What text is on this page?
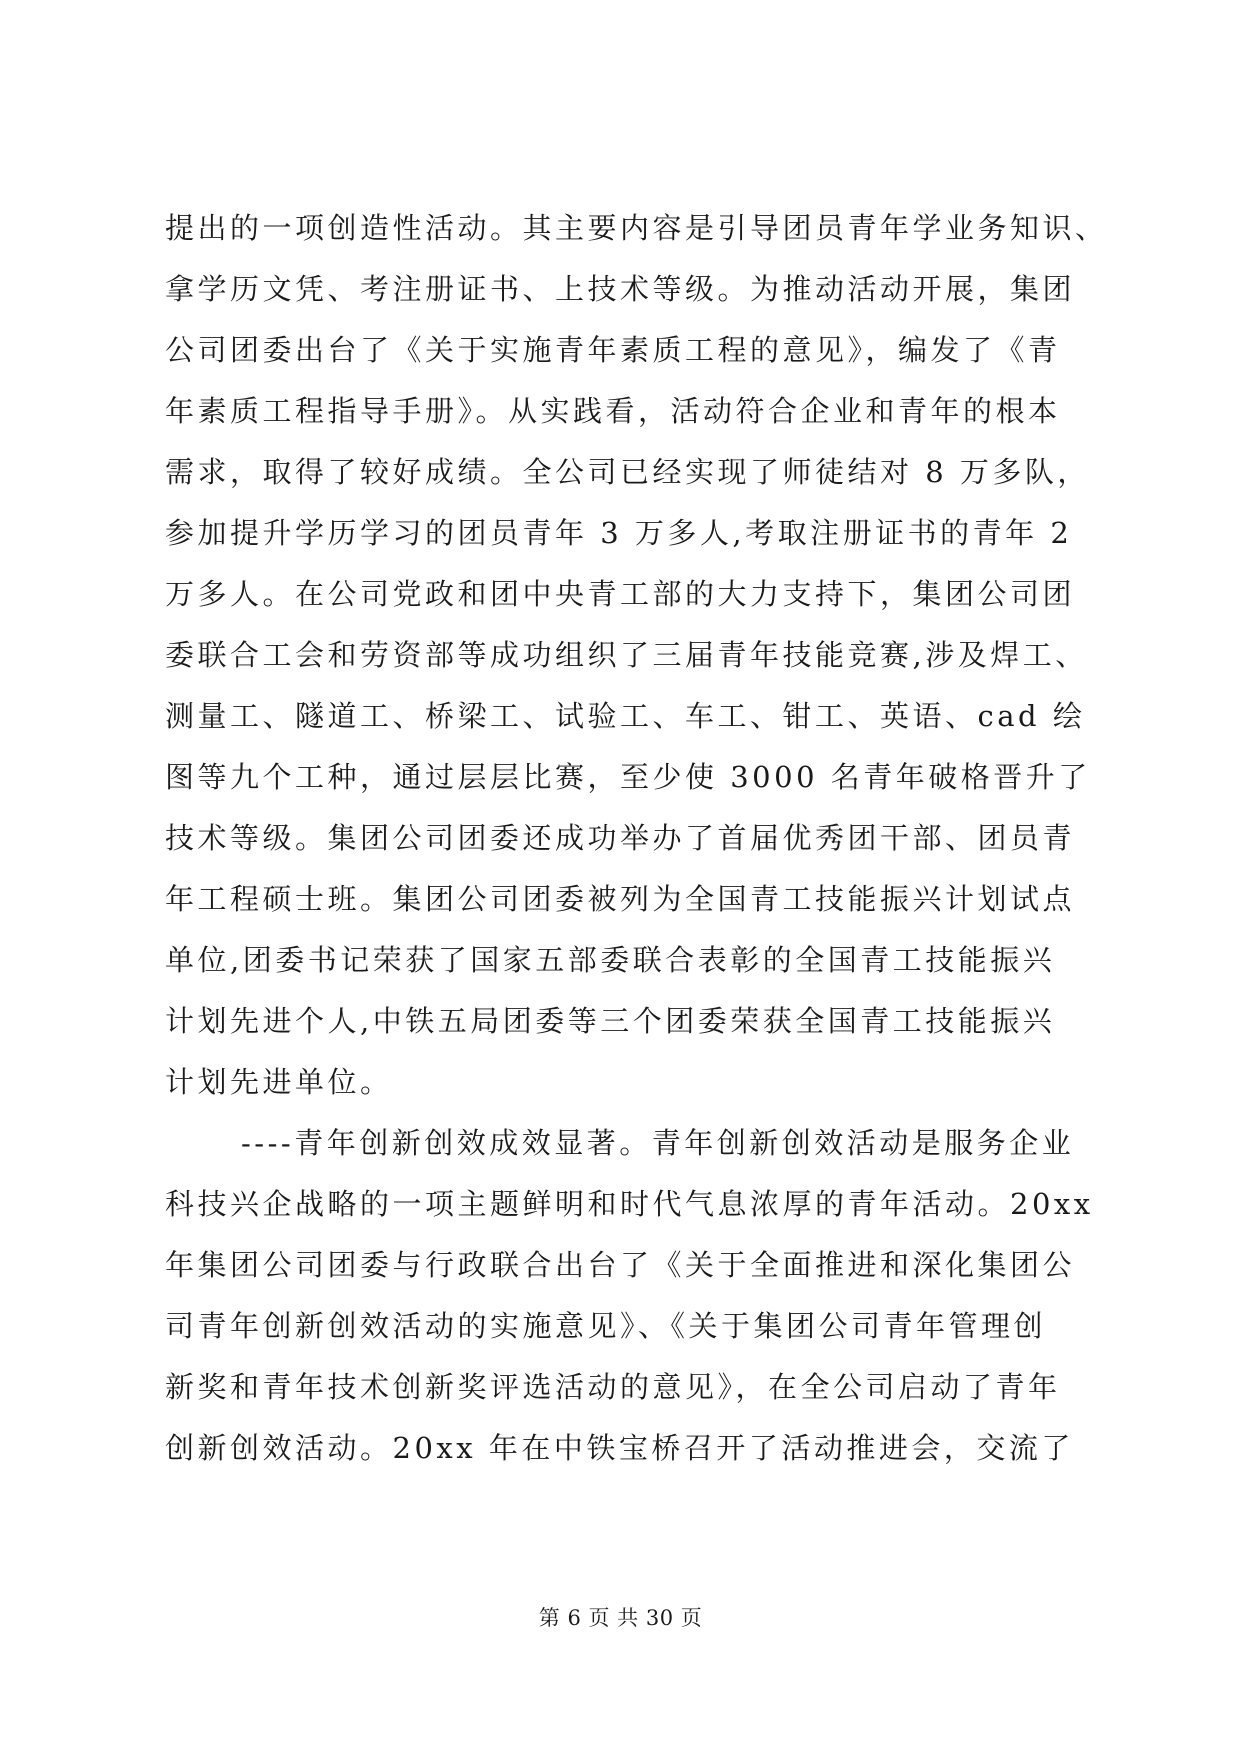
提出的一项创造性活动。其主要内容是引导团员青年学业务知识、
拿学历文凭、考注册证书、上技术等级。为推动活动开展，集团
公司团委出台了《关于实施青年素质工程的意见》，编发了《青
年素质工程指导手册》。从实践看，活动符合企业和青年的根本
需求，取得了较好成绩。全公司已经实现了师徒结对 8 万多队，
参加提升学历学习的团员青年 3 万多人,考取注册证书的青年 2
万多人。在公司党政和团中央青工部的大力支持下，集团公司团
委联合工会和劳资部等成功组织了三届青年技能竞赛,涉及焊工、
测量工、隧道工、桥梁工、试验工、车工、钳工、英语、cad 绘
图等九个工种，通过层层比赛，至少使 3000 名青年破格晋升了
技术等级。集团公司团委还成功举办了首届优秀团干部、团员青
年工程硕士班。集团公司团委被列为全国青工技能振兴计划试点
单位,团委书记荣获了国家五部委联合表彰的全国青工技能振兴
计划先进个人,中铁五局团委等三个团委荣获全国青工技能振兴
计划先进单位。
----青年创新创效成效显著。青年创新创效活动是服务企业
科技兴企战略的一项主题鲜明和时代气息浓厚的青年活动。20xx
年集团公司团委与行政联合出台了《关于全面推进和深化集团公
司青年创新创效活动的实施意见》、《关于集团公司青年管理创
新奖和青年技术创新奖评选活动的意见》，在全公司启动了青年
创新创效活动。20xx 年在中铁宝桥召开了活动推进会，交流了
第 6 页 共 30 页
